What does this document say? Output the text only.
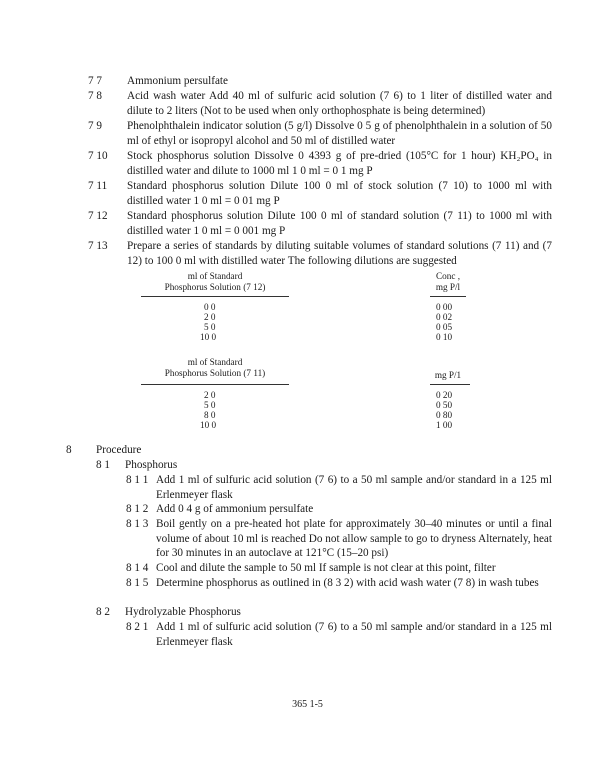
7 7 Ammonium persulfate
7 8 Acid wash water Add 40 ml of sulfuric acid solution (7 6) to 1 liter of distilled water and dilute to 2 liters (Not to be used when only orthophosphate is being determined)
7 9 Phenolphthalein indicator solution (5 g/l) Dissolve 0 5 g of phenolphthalein in a solution of 50 ml of ethyl or isopropyl alcohol and 50 ml of distilled water
7 10 Stock phosphorus solution Dissolve 0 4393 g of pre-dried (105°C for 1 hour) KH₂PO₄ in distilled water and dilute to 1000 ml 1 0 ml = 0 1 mg P
7 11 Standard phosphorus solution Dilute 100 0 ml of stock solution (7 10) to 1000 ml with distilled water 1 0 ml = 0 01 mg P
7 12 Standard phosphorus solution Dilute 100 0 ml of standard solution (7 11) to 1000 ml with distilled water 1 0 ml = 0 001 mg P
7 13 Prepare a series of standards by diluting suitable volumes of standard solutions (7 11) and (7 12) to 100 0 ml with distilled water The following dilutions are suggested
ml of Standard
Phosphorus Solution (7 12)
Conc ,
mg P/l
0 0	0 00
2 0	0 02
5 0	0 05
10 0	0 10
ml of Standard
Phosphorus Solution (7 11)	mg P/1
2 0	0 20
5 0	0 50
8 0	0 80
10 0	1 00
8 Procedure
8 1 Phosphorus
8 1 1 Add 1 ml of sulfuric acid solution (7 6) to a 50 ml sample and/or standard in a 125 ml Erlenmeyer flask
8 1 2 Add 0 4 g of ammonium persulfate
8 1 3 Boil gently on a pre-heated hot plate for approximately 30–40 minutes or until a final volume of about 10 ml is reached Do not allow sample to go to dryness Alternately, heat for 30 minutes in an autoclave at 121°C (15–20 psi)
8 1 4 Cool and dilute the sample to 50 ml If sample is not clear at this point, filter
8 1 5 Determine phosphorus as outlined in (8 3 2) with acid wash water (7 8) in wash tubes
8 2 Hydrolyzable Phosphorus
8 2 1 Add 1 ml of sulfuric acid solution (7 6) to a 50 ml sample and/or standard in a 125 ml Erlenmeyer flask
365 1-5
